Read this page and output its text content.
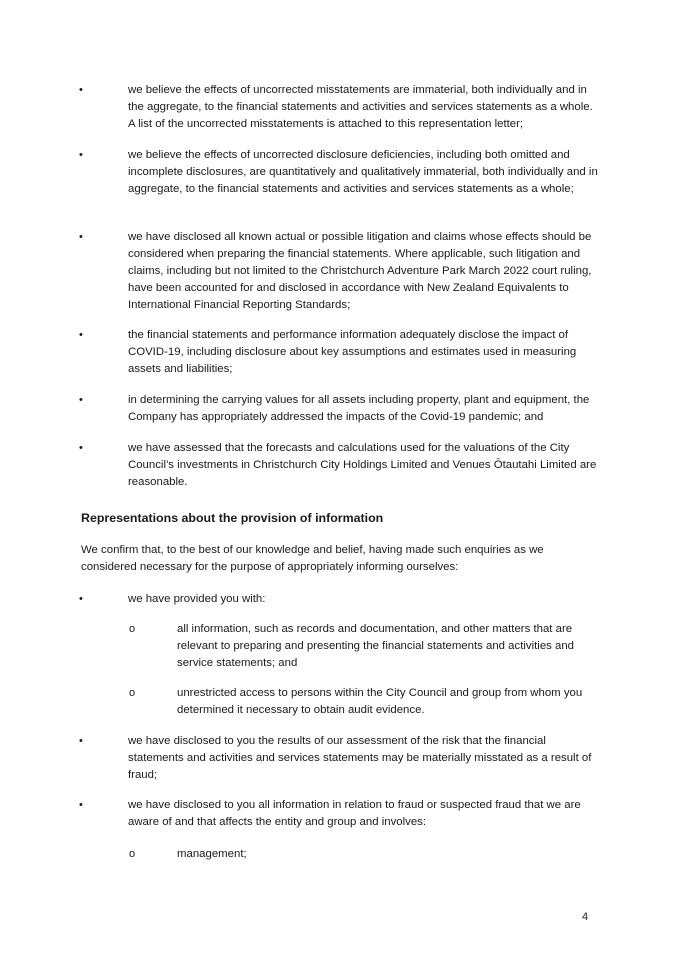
•	we believe the effects of uncorrected misstatements are immaterial, both individually and in the aggregate, to the financial statements and activities and services statements as a whole. A list of the uncorrected misstatements is attached to this representation letter;
•	we believe the effects of uncorrected disclosure deficiencies, including both omitted and incomplete disclosures, are quantitatively and qualitatively immaterial, both individually and in aggregate, to the financial statements and activities and services statements as a whole;
•	we have disclosed all known actual or possible litigation and claims whose effects should be considered when preparing the financial statements. Where applicable, such litigation and claims, including but not limited to the Christchurch Adventure Park March 2022 court ruling, have been accounted for and disclosed in accordance with New Zealand Equivalents to International Financial Reporting Standards;
•	the financial statements and performance information adequately disclose the impact of COVID-19, including disclosure about key assumptions and estimates used in measuring assets and liabilities;
•	in determining the carrying values for all assets including property, plant and equipment, the Company has appropriately addressed the impacts of the Covid-19 pandemic; and
•	we have assessed that the forecasts and calculations used for the valuations of the City Council’s investments in Christchurch City Holdings Limited and Venues Ōtautahi Limited are reasonable.
Representations about the provision of information
We confirm that, to the best of our knowledge and belief, having made such enquiries as we considered necessary for the purpose of appropriately informing ourselves:
•	we have provided you with:
o	all information, such as records and documentation, and other matters that are relevant to preparing and presenting the financial statements and activities and service statements; and
o	unrestricted access to persons within the City Council and group from whom you determined it necessary to obtain audit evidence.
•	we have disclosed to you the results of our assessment of the risk that the financial statements and activities and services statements may be materially misstated as a result of fraud;
•	we have disclosed to you all information in relation to fraud or suspected fraud that we are aware of and that affects the entity and group and involves:
o	management;
4
